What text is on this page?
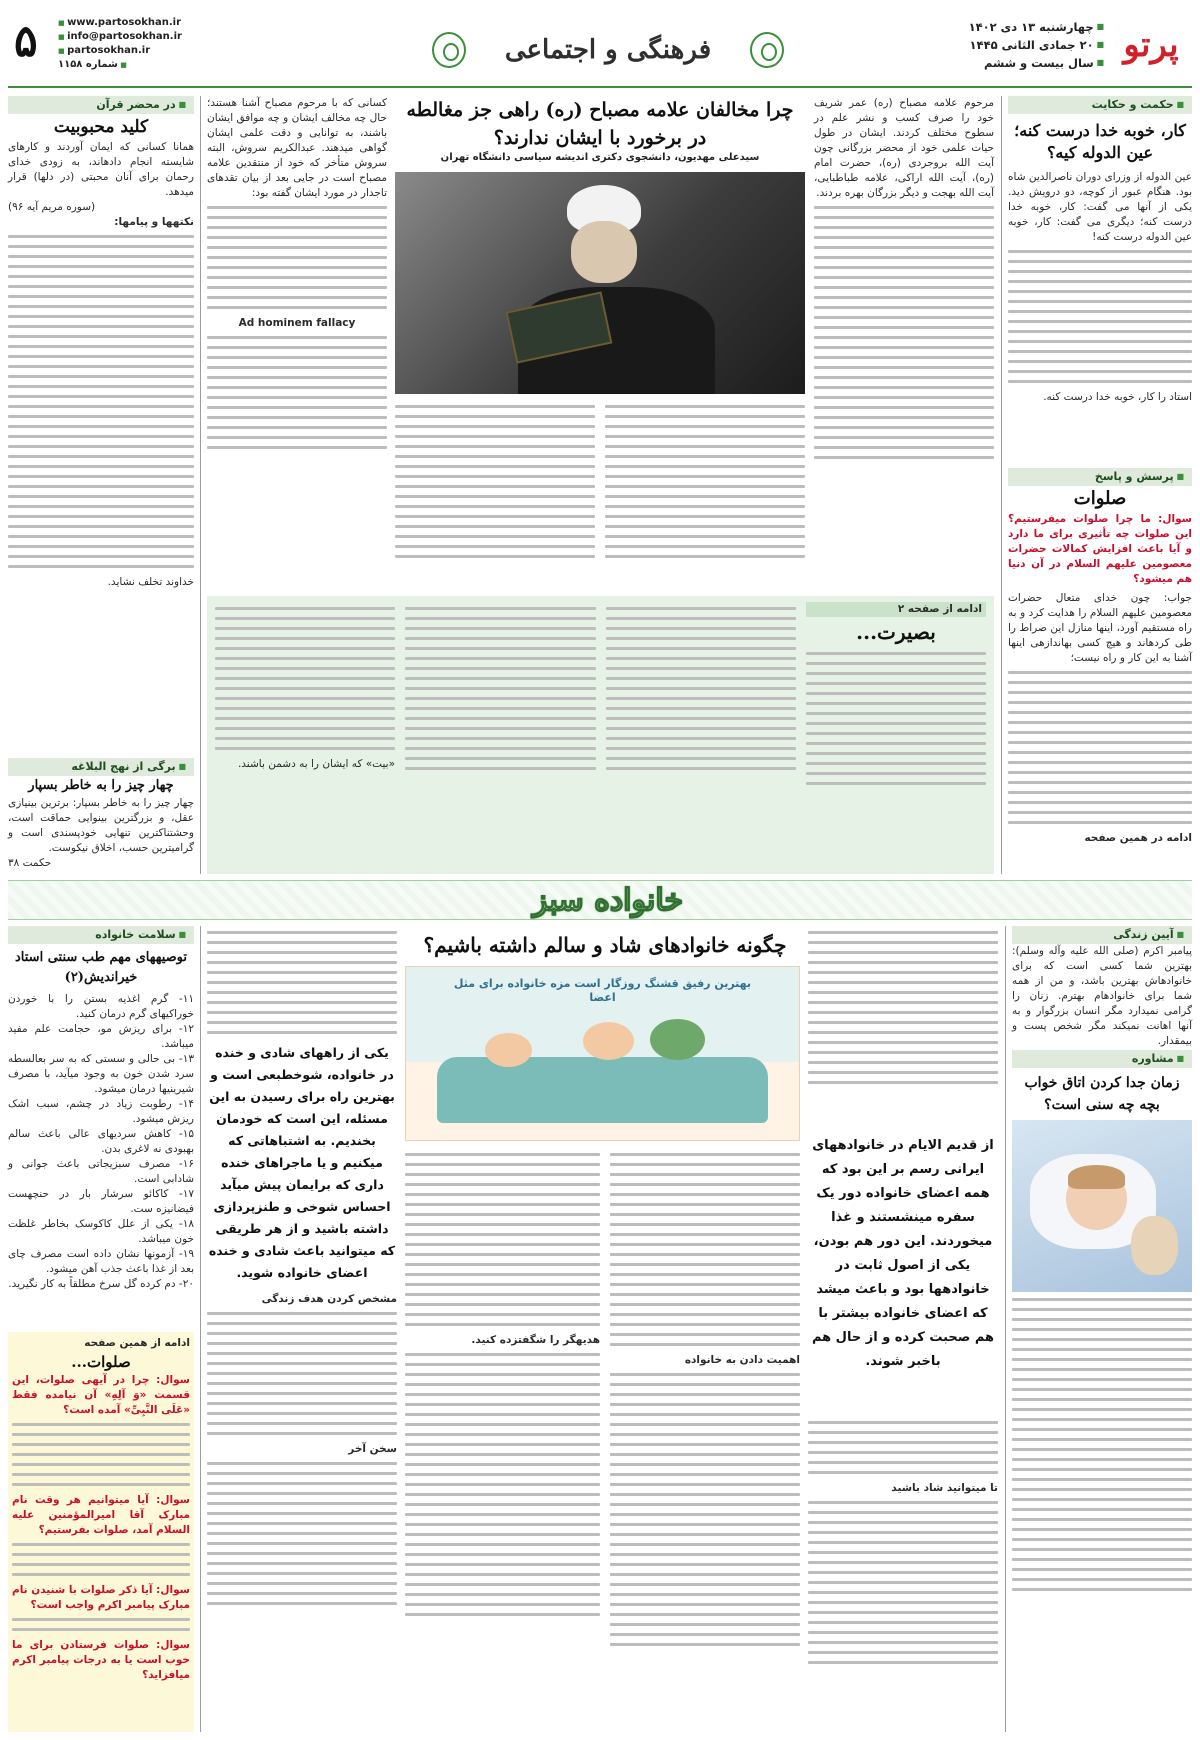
پرتو
■ چهارشنبه ۱۳ دی ۱۴۰۲
■ ۲۰ جمادی الثانی ۱۴۴۵
■ سال بیست و ششم
فرهنگی و اجتماعی
■ www.partosokhan.ir
■ info@partosokhan.ir
■ partosokhan.ir
■ شماره ۱۱۵۸
۵
■ حکمت و حکایت
کار، خوبه خدا درست کنه؛ عین الدوله کیه؟

عین الدوله از وزرای دوران ناصرالدین شاه بود. هنگام عبور از کوچه، دو درویش دید. یکی از آنها می گفت: کار، خوبه خدا درست کنه؛ دیگری می گفت: کار، خوبه عین الدوله درست کنه!

استاد را کار، خوبه خدا درست کنه.

■ پرسش و پاسخ
صلوات

سوال: ما چرا صلوات میفرستیم؟ این صلوات چه تأثیری برای ما دارد و آیا باعث افزایش کمالات حضرات معصومین علیهم السلام در آن دنیا هم میشود؟

جواب: چون خدای متعال حضرات معصومین علیهم السلام را هدایت کرد و به راه مستقیم آورد، اینها منازل این صراط را طی کردهاند و هیچ کسی بهاندازهی اینها آشنا به این کار و راه نیست؛

ادامه در همین صفحه

چرا مخالفان علامه مصباح (ره) راهی جز مغالطه در برخورد با ایشان ندارند؟
سیدعلی مهدیون، دانشجوی دکتری اندیشه سیاسی دانشگاه تهران

مرحوم علامه مصباح (ره) عمر شریف خود را صرف کسب و نشر علم در سطوح مختلف کردند. ایشان در طول حیات علمی خود از محضر بزرگانی چون آیت الله بروجردی (ره)، حضرت امام (ره)، آیت الله اراکی، علامه طباطبایی، آیت الله بهجت و دیگر بزرگان بهره بردند.

کسانی که با مرحوم مصباح آشنا هستند؛ حال چه مخالف ایشان و چه موافق ایشان باشند، به توانایی و دقت علمی ایشان گواهی میدهند. عبدالکریم سروش، البته سروش متأخر که خود از منتقدین علامه مصباح است در جایی بعد از بیان تقدهای تاجدار در مورد ایشان گفته بود:

Ad hominem fallacy

ادامه از صفحه ۲
بصیرت...

«بیت» که ایشان را به دشمن باشند.

■ در محضر قرآن
کلید محبوبیت

همانا کسانی که ایمان آوردند و کارهای شایسته انجام دادهاند، به زودی خدای رحمان برای آنان محبتی (در دلها) قرار میدهد.

(سوره مریم آیه ۹۶)

نکتهها و پیامها:

خداوند تخلف نشاید.

■ برگی از نهج البلاغه
چهار چیز را به خاطر بسپار

چهار چیز را به خاطر بسپار: برترین بینیازی عقل، و بزرگترین بینوایی حماقت است، وحشتناکترین تنهایی خودپسندی است و گرامیترین حسب، اخلاق نیکوست.

حکمت ۳۸

خانواده سبز
■ آیین زندگی

پیامبر اکرم (صلی الله علیه وآله وسلم): بهترین شما کسی است که برای خانوادهاش بهترین باشد، و من از همه شما برای خانوادهام بهترم. زنان را گرامی نمیدارد مگر انسان بزرگوار و به آنها اهانت نمیکند مگر شخص پست و بیمقدار.

■ مشاوره
زمان جدا کردن اتاق خواب بچه چه سنی است؟
چگونه خانوادهای شاد و سالم داشته باشیم؟
بهترین رفیق قشنگ روزگار است مزه خانواده برای مثل اعضا
از قدیم الایام در خانوادههای ایرانی رسم بر این بود که همه اعضای خانواده دور یک سفره مینشستند و غذا میخوردند. این دور هم بودن، یکی از اصول ثابت در خانوادهها بود و باعث میشد که اعضای خانواده بیشتر با هم صحبت کرده و از حال هم باخبر شوند.

تا میتوانید شاد باشید

اهمیت دادن به خانواده

هدیهگر را شگفتزده کنید.

یکی از راههای شادی و خنده در خانواده، شوخطبعی است و بهترین راه برای رسیدن به این مسئله، این است که خودمان بخندیم. به اشتباهاتی که میکنیم و یا ماجراهای خنده داری که برایمان پیش میآید احساس شوخی و طنزپردازی داشته باشید و از هر طریقی که میتوانید باعث شادی و خنده اعضای خانواده شوید.

مشخص کردن هدف زندگی

سخن آخر

■ سلامت خانواده
توصیههای مهم طب سنتی استاد خیراندیش(۲)

۱۱- گرم اغذیه بستن را با خوردن خوراکیهای گرم درمان کنید.

۱۲- برای ریزش مو، حجامت علم مفید میباشد.

۱۳- بی حالی و سستی که به سر بعالسطه سرد شدن خون به وجود میآید، با مصرف شیرینیها درمان میشود.

۱۴- رطوبت زیاد در چشم، سبب اشک ریزش میشود.

۱۵- کاهش سردیهای عالی باعث سالم بهبودی نه لاغری بدن.

۱۶- مصرف سبزیجاتی باعث جوانی و شادابی است.

۱۷- کاکائو سرشار بار در حنچهست فیضانیزه ست.

۱۸- یکی از علل کاکوسک بخاطر غلظت خون میباشد.

۱۹- آزمونها نشان داده است مصرف چای بعد از غذا باعث جذب آهن میشود.

۲۰- دم کرده گل سرخ مطلقاً به کار نگیرید.

ادامه از همین صفحه
صلوات...

سوال: چرا در آیهی صلوات، این قسمت «وَ آلِهِ» آن نیامده فقط «عَلَی النَّبِیِّ» آمده است؟

سوال: آیا میتوانیم هر وقت نام مبارک آقا امیرالمؤمنین علیه السلام آمد، صلوات بفرستیم؟

سوال: آیا ذکر صلوات با شنیدن نام مبارک پیامبر اکرم واجب است؟

سوال: صلوات فرستادن برای ما خوب است یا به درجات پیامبر اکرم میافزاید؟
